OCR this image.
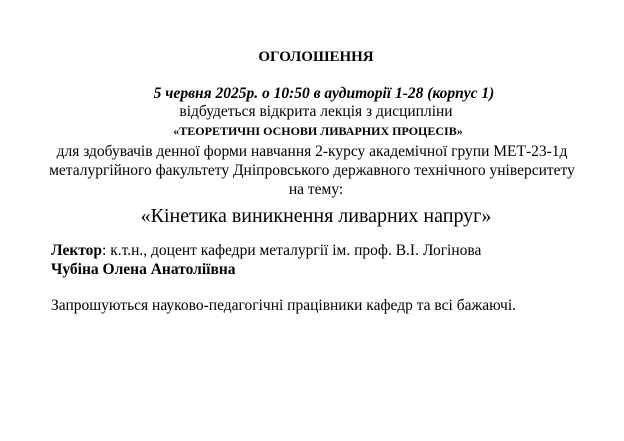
ОГОЛОШЕННЯ
5 червня 2025р. о 10:50 в аудиторії 1-28 (корпус 1)
відбудеться відкрита лекція з дисципліни
«ТЕОРЕТИЧНІ ОСНОВИ ЛИВАРНИХ ПРОЦЕСІВ»
для здобувачів денної форми навчання 2-курсу академічної групи МЕТ-23-1д
металургійного факультету Дніпровського державного технічного університету
на тему:
«Кінетика виникнення ливарних напруг»
Лектор: к.т.н., доцент кафедри металургії ім. проф. В.І. Логінова
Чубіна Олена Анатоліївна
Запрошуються науково-педагогічні працівники кафедр та всі бажаючі.
